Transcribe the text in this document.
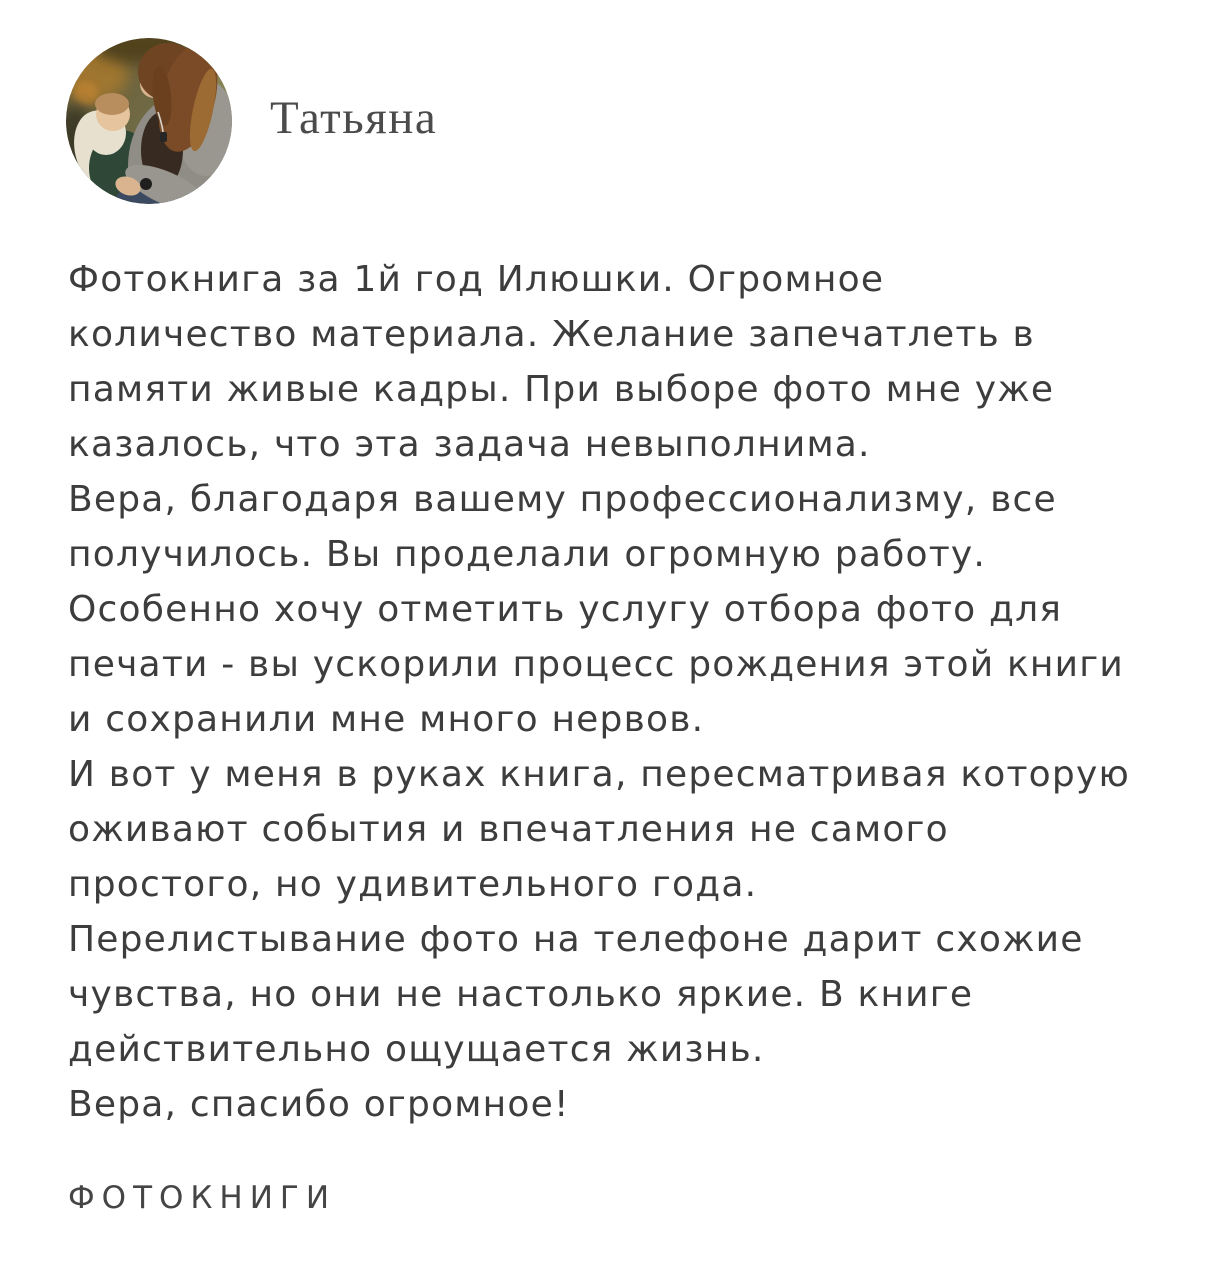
Татьяна
Фотокнига за 1й год Илюшки. Огромное
количество материала. Желание запечатлеть в
памяти живые кадры. При выборе фото мне уже
казалось, что эта задача невыполнима.
Вера, благодаря вашему профессионализму, все
получилось. Вы проделали огромную работу.
Особенно хочу отметить услугу отбора фото для
печати - вы ускорили процесс рождения этой книги
и сохранили мне много нервов.
И вот у меня в руках книга, пересматривая которую
оживают события и впечатления не самого
простого, но удивительного года.
Перелистывание фото на телефоне дарит схожие
чувства, но они не настолько яркие. В книге
действительно ощущается жизнь.
Вера, спасибо огромное!
ФОТОКНИГИ
